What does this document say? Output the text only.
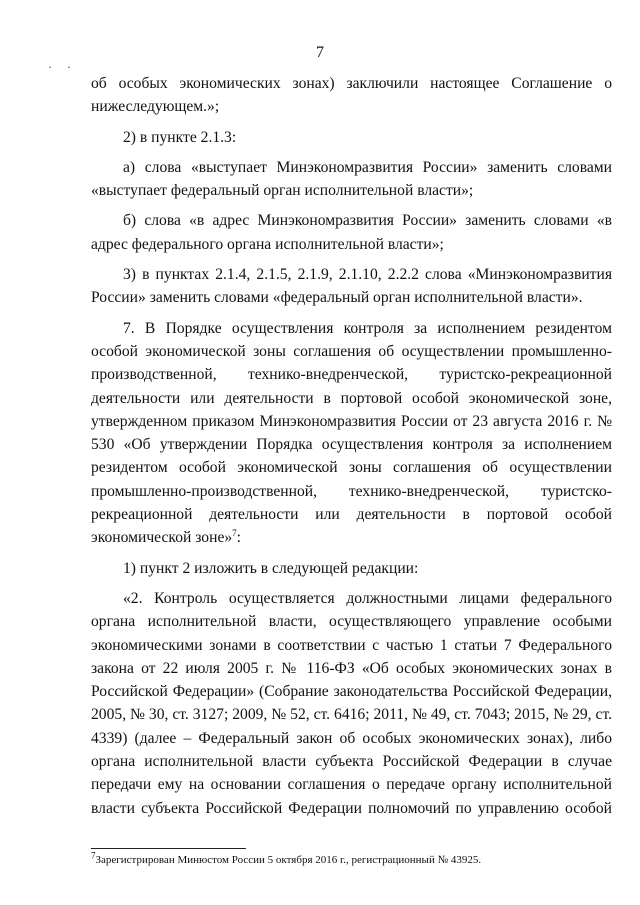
7
· ·

об особых экономических зонах) заключили настоящее Соглашение о нижеследующем.»;

2) в пункте 2.1.3:

а) слова «выступает Минэкономразвития России» заменить словами «выступает федеральный орган исполнительной власти»;

б) слова «в адрес Минэкономразвития России» заменить словами «в адрес федерального органа исполнительной власти»;

3) в пунктах 2.1.4, 2.1.5, 2.1.9, 2.1.10, 2.2.2 слова «Минэкономразвития России» заменить словами «федеральный орган исполнительной власти».

7. В Порядке осуществления контроля за исполнением резидентом особой экономической зоны соглашения об осуществлении промышленно-производственной, технико-внедренческой, туристско-рекреационной деятельности или деятельности в портовой особой экономической зоне, утвержденном приказом Минэкономразвития России от 23 августа 2016 г. № 530 «Об утверждении Порядка осуществления контроля за исполнением резидентом особой экономической зоны соглашения об осуществлении промышленно-производственной, технико-внедренческой, туристско-рекреационной деятельности или деятельности в портовой особой экономической зоне»$^7$:

1) пункт 2 изложить в следующей редакции:

«2. Контроль осуществляется должностными лицами федерального органа исполнительной власти, осуществляющего управление особыми экономическими зонами в соответствии с частью 1 статьи 7 Федерального закона от 22 июля 2005 г. № 116-ФЗ «Об особых экономических зонах в Российской Федерации» (Собрание законодательства Российской Федерации, 2005, № 30, ст. 3127; 2009, № 52, ст. 6416; 2011, № 49, ст. 7043; 2015, № 29, ст. 4339) (далее – Федеральный закон об особых экономических зонах), либо органа исполнительной власти субъекта Российской Федерации в случае передачи ему на основании соглашения о передаче органу исполнительной власти субъекта Российской Федерации полномочий по управлению особой

$^7$Зарегистрирован Минюстом России 5 октября 2016 г., регистрационный № 43925.
